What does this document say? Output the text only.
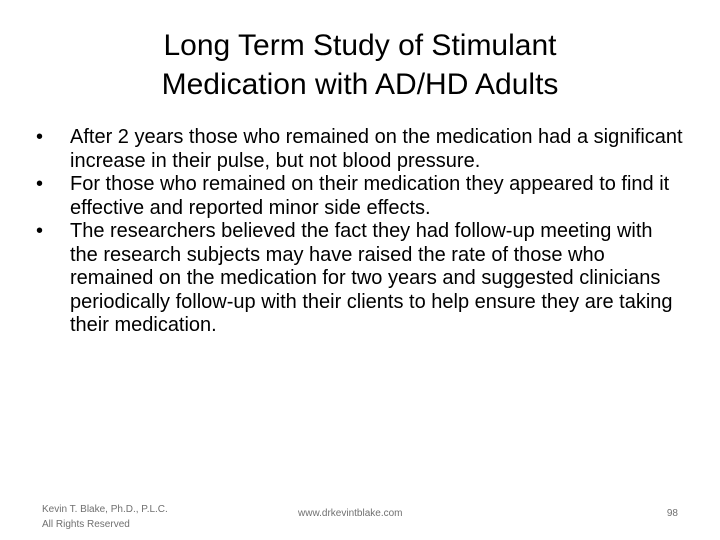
Long Term Study of Stimulant
Medication with AD/HD Adults
•	After 2 years those who remained on the medication had a significant increase in their pulse, but not blood pressure.
•	For those who remained on their medication they appeared to find it effective and reported minor side effects.
•	The researchers believed the fact they had follow-up meeting with the research subjects may have raised the rate of those who remained on the medication for two years and suggested clinicians periodically follow-up with their clients to help ensure they are taking their medication.
Kevin T. Blake, Ph.D., P.L.C.
All Rights Reserved
www.drkevintblake.com	98
